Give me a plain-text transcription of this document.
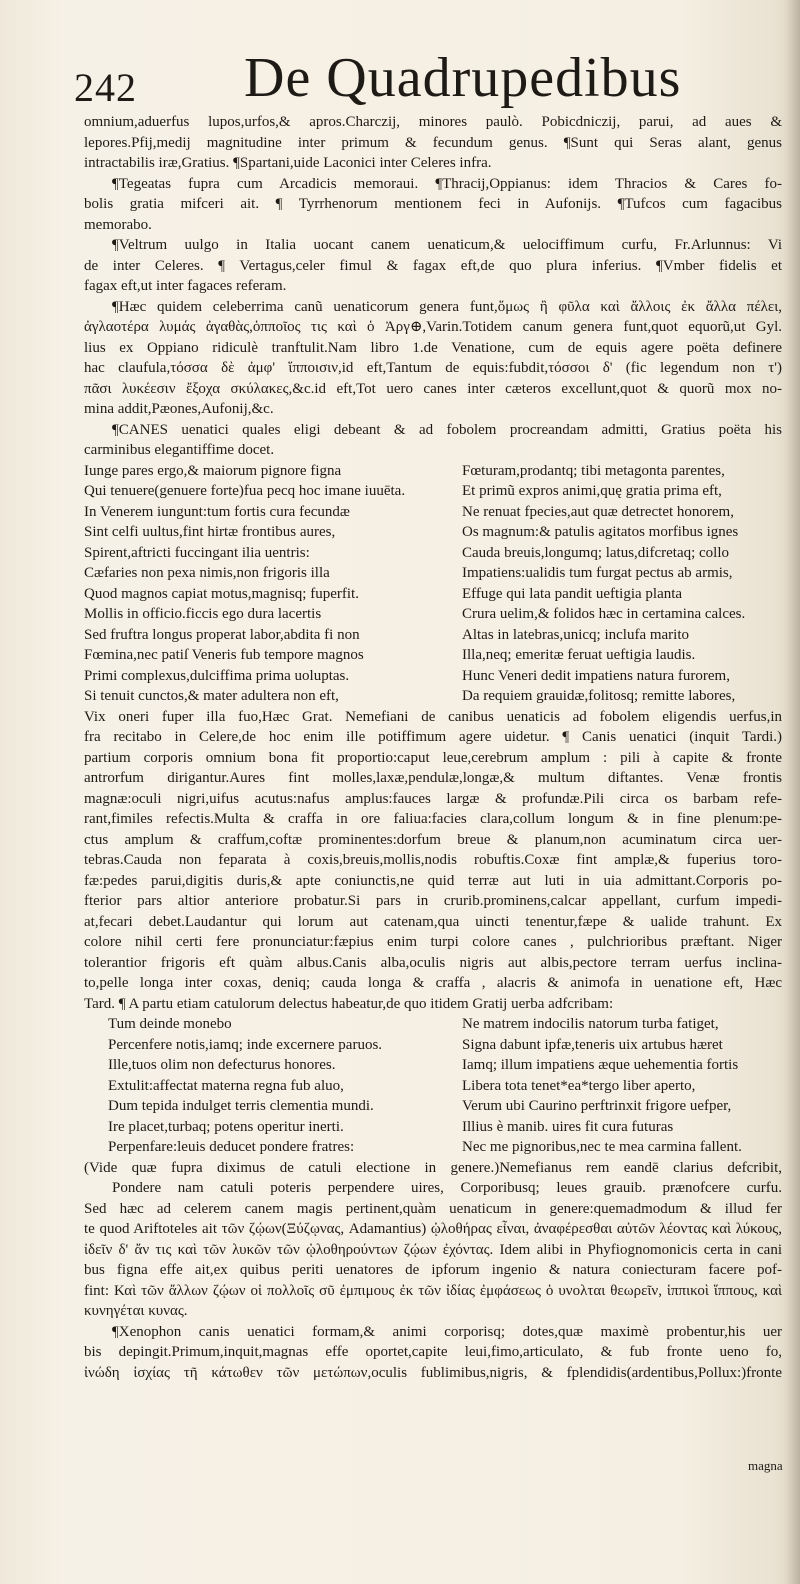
242 De Quadrupedibus
omnium,aduerfus lupos,urfos,& apros.Charczij, minores paulò. Pobicdniczij, parui, ad aues &
lepores.Pfij,medij magnitudine inter primum & fecundum genus. ¶Sunt qui Seras alant, genus
intractabilis iræ,Gratius. ¶Spartani,uide Laconici inter Celeres infra.
¶Tegeatas fupra cum Arcadicis memoraui. ¶Thracij,Oppianus: idem Thracios & Cares fo-
bolis gratia mifceri ait. ¶ Tyrrhenorum mentionem feci in Aufonijs. ¶Tufcos cum fagacibus
memorabo.
¶Veltrum uulgo in Italia uocant canem uenaticum,& uelociffimum curfu, Fr.Arlunnus: Vi
de inter Celeres. ¶ Vertagus,celer fimul & fagax eft,de quo plura inferius. ¶Vmber fidelis et
fagax eft,ut inter fagaces referam.
¶Hæc quidem celeberrima canũ uenaticorum genera funt,ὅμως ἢ φῦλα καὶ ἄλλοις ἐκ ἄλλα πέλει,
ἀγλαοτέρα λυμάς ἀγαθὰς,ὁπποῖος τις καὶ ὁ Ἀργ⊕,Varin.Totidem canum genera funt,quot equorũ,ut Gyl.
lius ex Oppiano ridiculè tranftulit.Nam libro 1.de Venatione, cum de equis agere poëta definere
hac claufula,τόσσα δὲ ἀμφ' ἵπποισιν,id eft,Tantum de equis:fubdit,τόσσοι δ' (fic legendum non τ')
πᾶσι λυκέεσιν ἔξοχα σκύλακες,&c.id eft,Tot uero canes inter cæteros excellunt,quot & quorũ mox no-
mina addit,Pæones,Aufonij,&c.
¶CANES uenatici quales eligi debeant & ad fobolem procreandam admitti, Gratius poëta his
carminibus elegantiffime docet.
Iunge pares ergo,& maiorum pignore figna	Fœturam,prodantq; tibi metagonta parentes,
Qui tenuere(genuere forte)fua pecq hoc imane iuuēta.	Et primũ expros animi,quę gratia prima eft,
In Venerem iungunt:tum fortis cura fecundæ	Ne renuat fpecies,aut quæ detrectet honorem,
Sint celfi uultus,fint hirtæ frontibus aures,	Os magnum:& patulis agitatos morfibus ignes
Spirent,aftricti fuccingant ilia uentris:	Cauda breuis,longumq; latus,difcretaq; collo
Cæfaries non pexa nimis,non frigoris illa	Impatiens:ualidis tum furgat pectus ab armis,
Quod magnos capiat motus,magnisq; fuperfit.	Effuge qui lata pandit ueftigia planta
Mollis in officio.ficcis ego dura lacertis	Crura uelim,& folidos hæc in certamina calces.
Sed fruftra longus properat labor,abdita fi non	Altas in latebras,unicq; inclufa marito
Fœmina,nec patiſ Veneris fub tempore magnos	Illa,neq; emeritæ feruat ueftigia laudis.
Primi complexus,dulciffima prima uoluptas.	Hunc Veneri dedit impatiens natura furorem,
Si tenuit cunctos,& mater adultera non eft,	Da requiem grauidæ,folitosq; remitte labores,
Vix oneri fuper illa fuo,Hæc Grat. Nemefiani de canibus uenaticis ad fobolem eligendis uerfus,in
fra recitabo in Celere,de hoc enim ille potiffimum agere uidetur. ¶ Canis uenatici (inquit Tardi.)
partium corporis omnium bona fit proportio:caput leue,cerebrum amplum : pili à capite & fronte
antrorfum dirigantur.Aures fint molles,laxæ,pendulæ,longæ,& multum diftantes. Venæ frontis
magnæ:oculi nigri,uifus acutus:nafus amplus:fauces largæ & profundæ.Pili circa os barbam refe-
rant,fimiles refectis.Multa & craffa in ore faliua:facies clara,collum longum & in fine plenum:pe-
ctus amplum & craffum,coftæ prominentes:dorfum breue & planum,non acuminatum circa uer-
tebras.Cauda non feparata à coxis,breuis,mollis,nodis robuftis.Coxæ fint amplæ,& fuperius toro-
fæ:pedes parui,digitis duris,& apte coniunctis,ne quid terræ aut luti in uia admittant.Corporis po-
fterior pars altior anteriore probatur.Si pars in crurib.prominens,calcar appellant, curfum impedi-
at,fecari debet.Laudantur qui lorum aut catenam,qua uincti tenentur,fæpe & ualide trahunt. Ex
colore nihil certi fere pronunciatur:fæpius enim turpi colore canes , pulchrioribus præftant. Niger
tolerantior frigoris eft quàm albus.Canis alba,oculis nigris aut albis,pectore terram uerfus inclina-
to,pelle longa inter coxas, deniq; cauda longa & craffa , alacris & animofa in uenatione eft, Hæc
Tard. ¶ A partu etiam catulorum delectus habeatur,de quo itidem Gratij uerba adfcribam:
Tum deinde monebo	Ne matrem indocilis natorum turba fatiget,
Percenfere notis,iamq; inde excernere paruos.	Signa dabunt ipfæ,teneris uix artubus hæret
Ille,tuos olim non defecturus honores.	Iamq; illum impatiens æque uehementia fortis
Extulit:affectat materna regna fub aluo,	Libera tota tenet*ea*tergo liber aperto,
Dum tepida indulget terris clementia mundi.	Verum ubi Caurino perftrinxit frigore uefper,
Ire placet,turbaq; potens operitur inerti.	Illius è manib. uires fit cura futuras
Perpenfare:leuis deducet pondere fratres:	Nec me pignoribus,nec te mea carmina fallent.
(Vide quæ fupra diximus de catuli electione in genere.)Nemefianus rem eandē clarius defcribit,
Pondere nam catuli poteris perpendere uires, Corporibusq; leues grauib. prænofcere curfu.
Sed hæc ad celerem canem magis pertinent,quàm uenaticum in genere:quemadmodum & illud fer
te quod Ariftoteles ait τῶν ζῴων(Ξύζῳνας, Adamantius) ᾠλοθήρας εἶναι, ἀναφέρεσθαι αὐτῶν λέοντας καὶ λύκους,
ἰδεῖν δ' ἄν τις καὶ τῶν λυκῶν τῶν ᾠλοθηρούντων ζῴων ἐχόντας. Idem alibi in Phyfiognomonicis certa in cani
bus figna effe ait,ex quibus periti uenatores de ipforum ingenio & natura coniecturam facere pof-
fint: Καὶ τῶν ἄλλων ζῴων οἱ πολλοῖς σῦ ἐμπιμους ἐκ τῶν ἰδίας ἐμφάσεως ὁ υνολται θεωρεῖν, ἱππικοὶ ἵππους, καὶ
κυνηγέται κυνας.
¶Xenophon canis uenatici formam,& animi corporisq; dotes,quæ maximè probentur,his uer
bis depingit.Primum,inquit,magnas effe oportet,capite leui,fimo,articulato, & fub fronte ueno fo,
ἰνώδη ἰσχίας τῆ κάτωθεν τῶν μετώπων,oculis fublimibus,nigris, & fplendidis(ardentibus,Pollux:)fronte
magna
